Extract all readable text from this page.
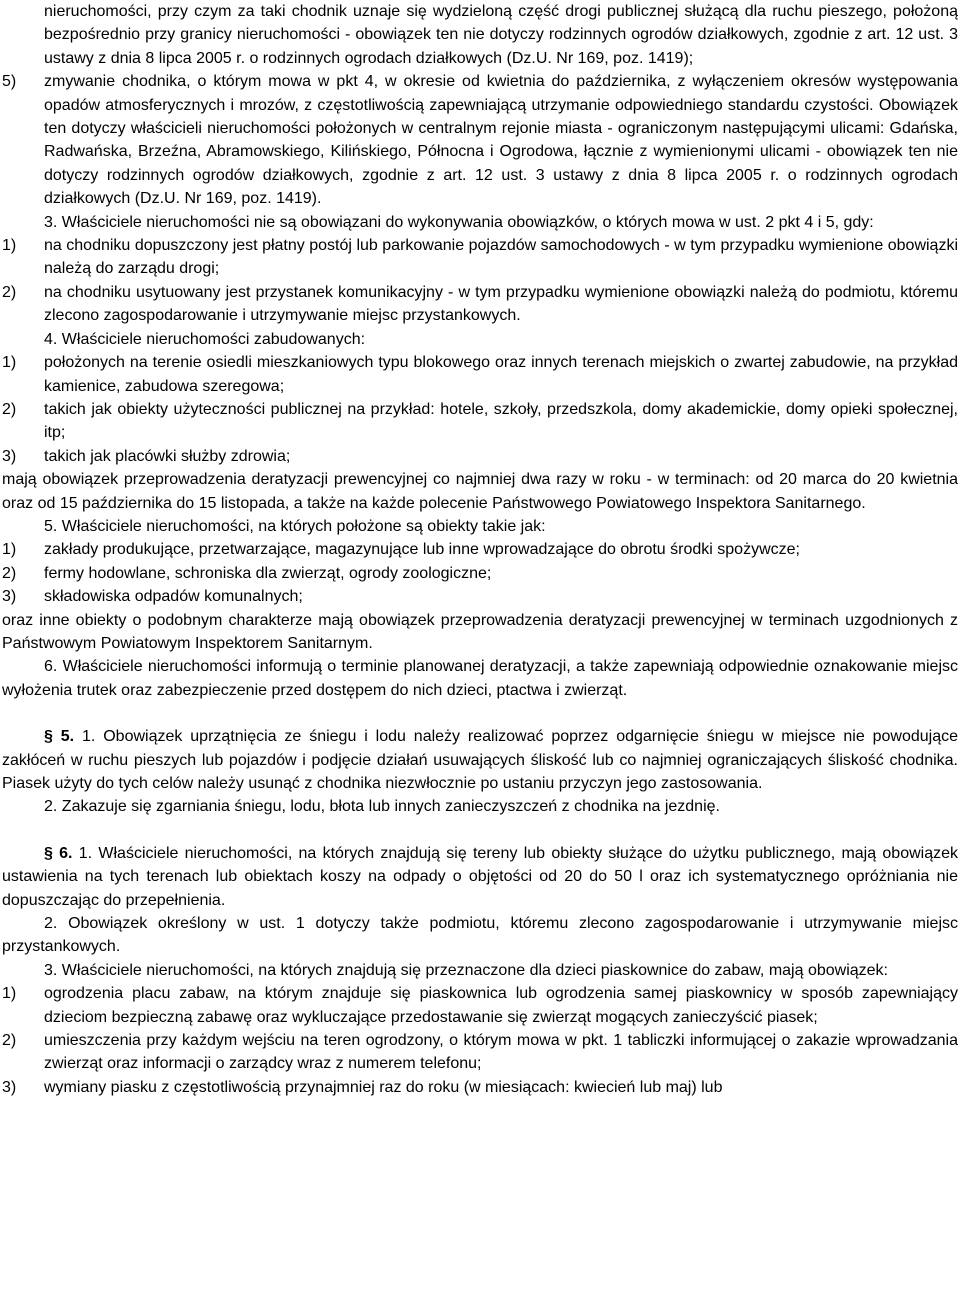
nieruchomości, przy czym za taki chodnik uznaje się wydzieloną część drogi publicznej służącą dla ruchu pieszego, położoną bezpośrednio przy granicy nieruchomości - obowiązek ten nie dotyczy rodzinnych ogrodów działkowych, zgodnie z art. 12 ust. 3 ustawy z dnia 8 lipca 2005 r. o rodzinnych ogrodach działkowych (Dz.U. Nr 169, poz. 1419);
5)	zmywanie chodnika, o którym mowa w pkt 4, w okresie od kwietnia do października, z wyłączeniem okresów występowania opadów atmosferycznych i mrozów, z częstotliwością zapewniającą utrzymanie odpowiedniego standardu czystości. Obowiązek ten dotyczy właścicieli nieruchomości położonych w centralnym rejonie miasta - ograniczonym następującymi ulicami: Gdańska, Radwańska, Brzeźna, Abramowskiego, Kilińskiego, Północna i Ogrodowa, łącznie z wymienionymi ulicami - obowiązek ten nie dotyczy rodzinnych ogrodów działkowych, zgodnie z art. 12 ust. 3 ustawy z dnia 8 lipca 2005 r. o rodzinnych ogrodach działkowych (Dz.U. Nr 169, poz. 1419).

3. Właściciele nieruchomości nie są obowiązani do wykonywania obowiązków, o których mowa w ust. 2 pkt 4 i 5, gdy:

1)	na chodniku dopuszczony jest płatny postój lub parkowanie pojazdów samochodowych - w tym przypadku wymienione obowiązki należą do zarządu drogi;
2)	na chodniku usytuowany jest przystanek komunikacyjny - w tym przypadku wymienione obowiązki należą do podmiotu, któremu zlecono zagospodarowanie i utrzymywanie miejsc przystankowych.

4. Właściciele nieruchomości zabudowanych:

1)	położonych na terenie osiedli mieszkaniowych typu blokowego oraz innych terenach miejskich o zwartej zabudowie, na przykład kamienice, zabudowa szeregowa;
2)	takich jak obiekty użyteczności publicznej na przykład: hotele, szkoły, przedszkola, domy akademickie, domy opieki społecznej, itp;
3)	takich jak placówki służby zdrowia;

mają obowiązek przeprowadzenia deratyzacji prewencyjnej co najmniej dwa razy w roku - w terminach: od 20 marca do 20 kwietnia oraz od 15 października do 15 listopada, a także na każde polecenie Państwowego Powiatowego Inspektora Sanitarnego.

5. Właściciele nieruchomości, na których położone są obiekty takie jak:

1)	zakłady produkujące, przetwarzające, magazynujące lub inne wprowadzające do obrotu środki spożywcze;
2)	fermy hodowlane, schroniska dla zwierząt, ogrody zoologiczne;
3)	składowiska odpadów komunalnych;

oraz inne obiekty o podobnym charakterze mają obowiązek przeprowadzenia deratyzacji prewencyjnej w terminach uzgodnionych z Państwowym Powiatowym Inspektorem Sanitarnym.

6. Właściciele nieruchomości informują o terminie planowanej deratyzacji, a także zapewniają odpowiednie oznakowanie miejsc wyłożenia trutek oraz zabezpieczenie przed dostępem do nich dzieci, ptactwa i zwierząt.

§ 5. 1. Obowiązek uprzątnięcia ze śniegu i lodu należy realizować poprzez odgarnięcie śniegu w miejsce nie powodujące zakłóceń w ruchu pieszych lub pojazdów i podjęcie działań usuwających śliskość lub co najmniej ograniczających śliskość chodnika. Piasek użyty do tych celów należy usunąć z chodnika niezwłocznie po ustaniu przyczyn jego zastosowania.

2. Zakazuje się zgarniania śniegu, lodu, błota lub innych zanieczyszczeń z chodnika na jezdnię.

§ 6. 1. Właściciele nieruchomości, na których znajdują się tereny lub obiekty służące do użytku publicznego, mają obowiązek ustawienia na tych terenach lub obiektach koszy na odpady o objętości od 20 do 50 l oraz ich systematycznego opróżniania nie dopuszczając do przepełnienia.

2. Obowiązek określony w ust. 1 dotyczy także podmiotu, któremu zlecono zagospodarowanie i utrzymywanie miejsc przystankowych.

3. Właściciele nieruchomości, na których znajdują się przeznaczone dla dzieci piaskownice do zabaw, mają obowiązek:

1)	ogrodzenia placu zabaw, na którym znajduje się piaskownica lub ogrodzenia samej piaskownicy w sposób zapewniający dzieciom bezpieczną zabawę oraz wykluczające przedostawanie się zwierząt mogących zanieczyścić piasek;
2)	umieszczenia przy każdym wejściu na teren ogrodzony, o którym mowa w pkt. 1 tabliczki informującej o zakazie wprowadzania zwierząt oraz informacji o zarządcy wraz z numerem telefonu;
3)	wymiany piasku z częstotliwością przynajmniej raz do roku (w miesiącach: kwiecień lub maj) lub
